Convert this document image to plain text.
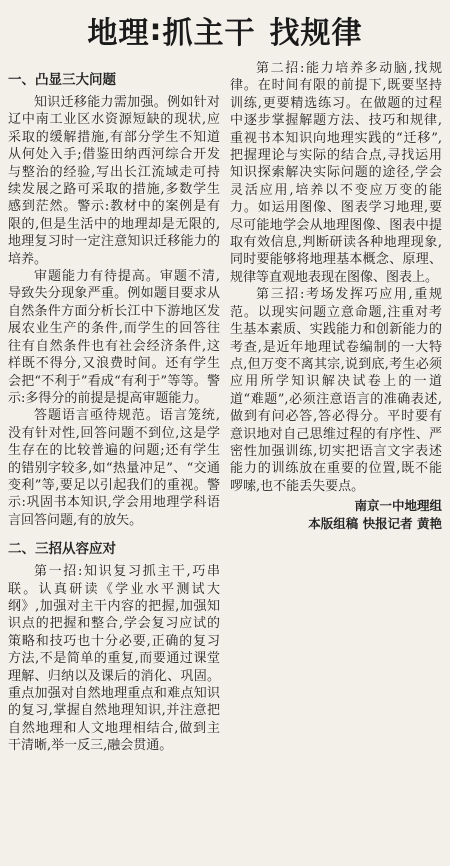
地理 : 抓主干 找规律
一、凸显三大问题

知识迁移能力需加强。例如针对辽中南工业区水资源短缺的现状,应采取的缓解措施,有部分学生不知道从何处入手;借鉴田纳西河综合开发与整治的经验,写出长江流域走可持续发展之路可采取的措施,多数学生感到茫然。警示:教材中的案例是有限的,但是生活中的地理却是无限的,地理复习时一定注意知识迁移能力的培养。

审题能力有待提高。审题不清,导致失分现象严重。例如题目要求从自然条件方面分析长江中下游地区发展农业生产的条件,而学生的回答往往有自然条件也有社会经济条件,这样既不得分,又浪费时间。还有学生会把“不利于”看成“有利于”等等。警示:多得分的前提是提高审题能力。

答题语言亟待规范。语言笼统,没有针对性,回答问题不到位,这是学生存在的比较普遍的问题;还有学生的错别字较多,如“热量冲足”、“交通变利”等,要足以引起我们的重视。警示:巩固书本知识,学会用地理学科语言回答问题,有的放矢。

二、三招从容应对

第一招:知识复习抓主干,巧串联。认真研读《学业水平测试大纲》,加强对主干内容的把握,加强知识点的把握和整合,学会复习应试的策略和技巧也十分必要,正确的复习方法,不是简单的重复,而要通过课堂理解、归纳以及课后的消化、巩固。重点加强对自然地理重点和难点知识的复习,掌握自然地理知识,并注意把自然地理和人文地理相结合,做到主干清晰,举一反三,融会贯通。

第二招:能力培养多动脑,找规律。在时间有限的前提下,既要坚持训练,更要精选练习。在做题的过程中逐步掌握解题方法、技巧和规律,重视书本知识向地理实践的“迁移”,把握理论与实际的结合点,寻找运用知识探索解决实际问题的途径,学会灵活应用,培养以不变应万变的能力。如运用图像、图表学习地理,要尽可能地学会从地理图像、图表中提取有效信息,判断研读各种地理现象,同时要能够将地理基本概念、原理、规律等直观地表现在图像、图表上。

第三招:考场发挥巧应用,重规范。以现实问题立意命题,注重对考生基本素质、实践能力和创新能力的考查,是近年地理试卷编制的一大特点,但万变不离其宗,说到底,考生必须应用所学知识解决试卷上的一道道“难题”,必须注意语言的准确表述,做到有问必答,答必得分。平时要有意识地对自己思维过程的有序性、严密性加强训练,切实把语言文字表述能力的训练放在重要的位置,既不能啰嗦,也不能丢失要点。

南京一中地理组
本版组稿 快报记者 黄艳
